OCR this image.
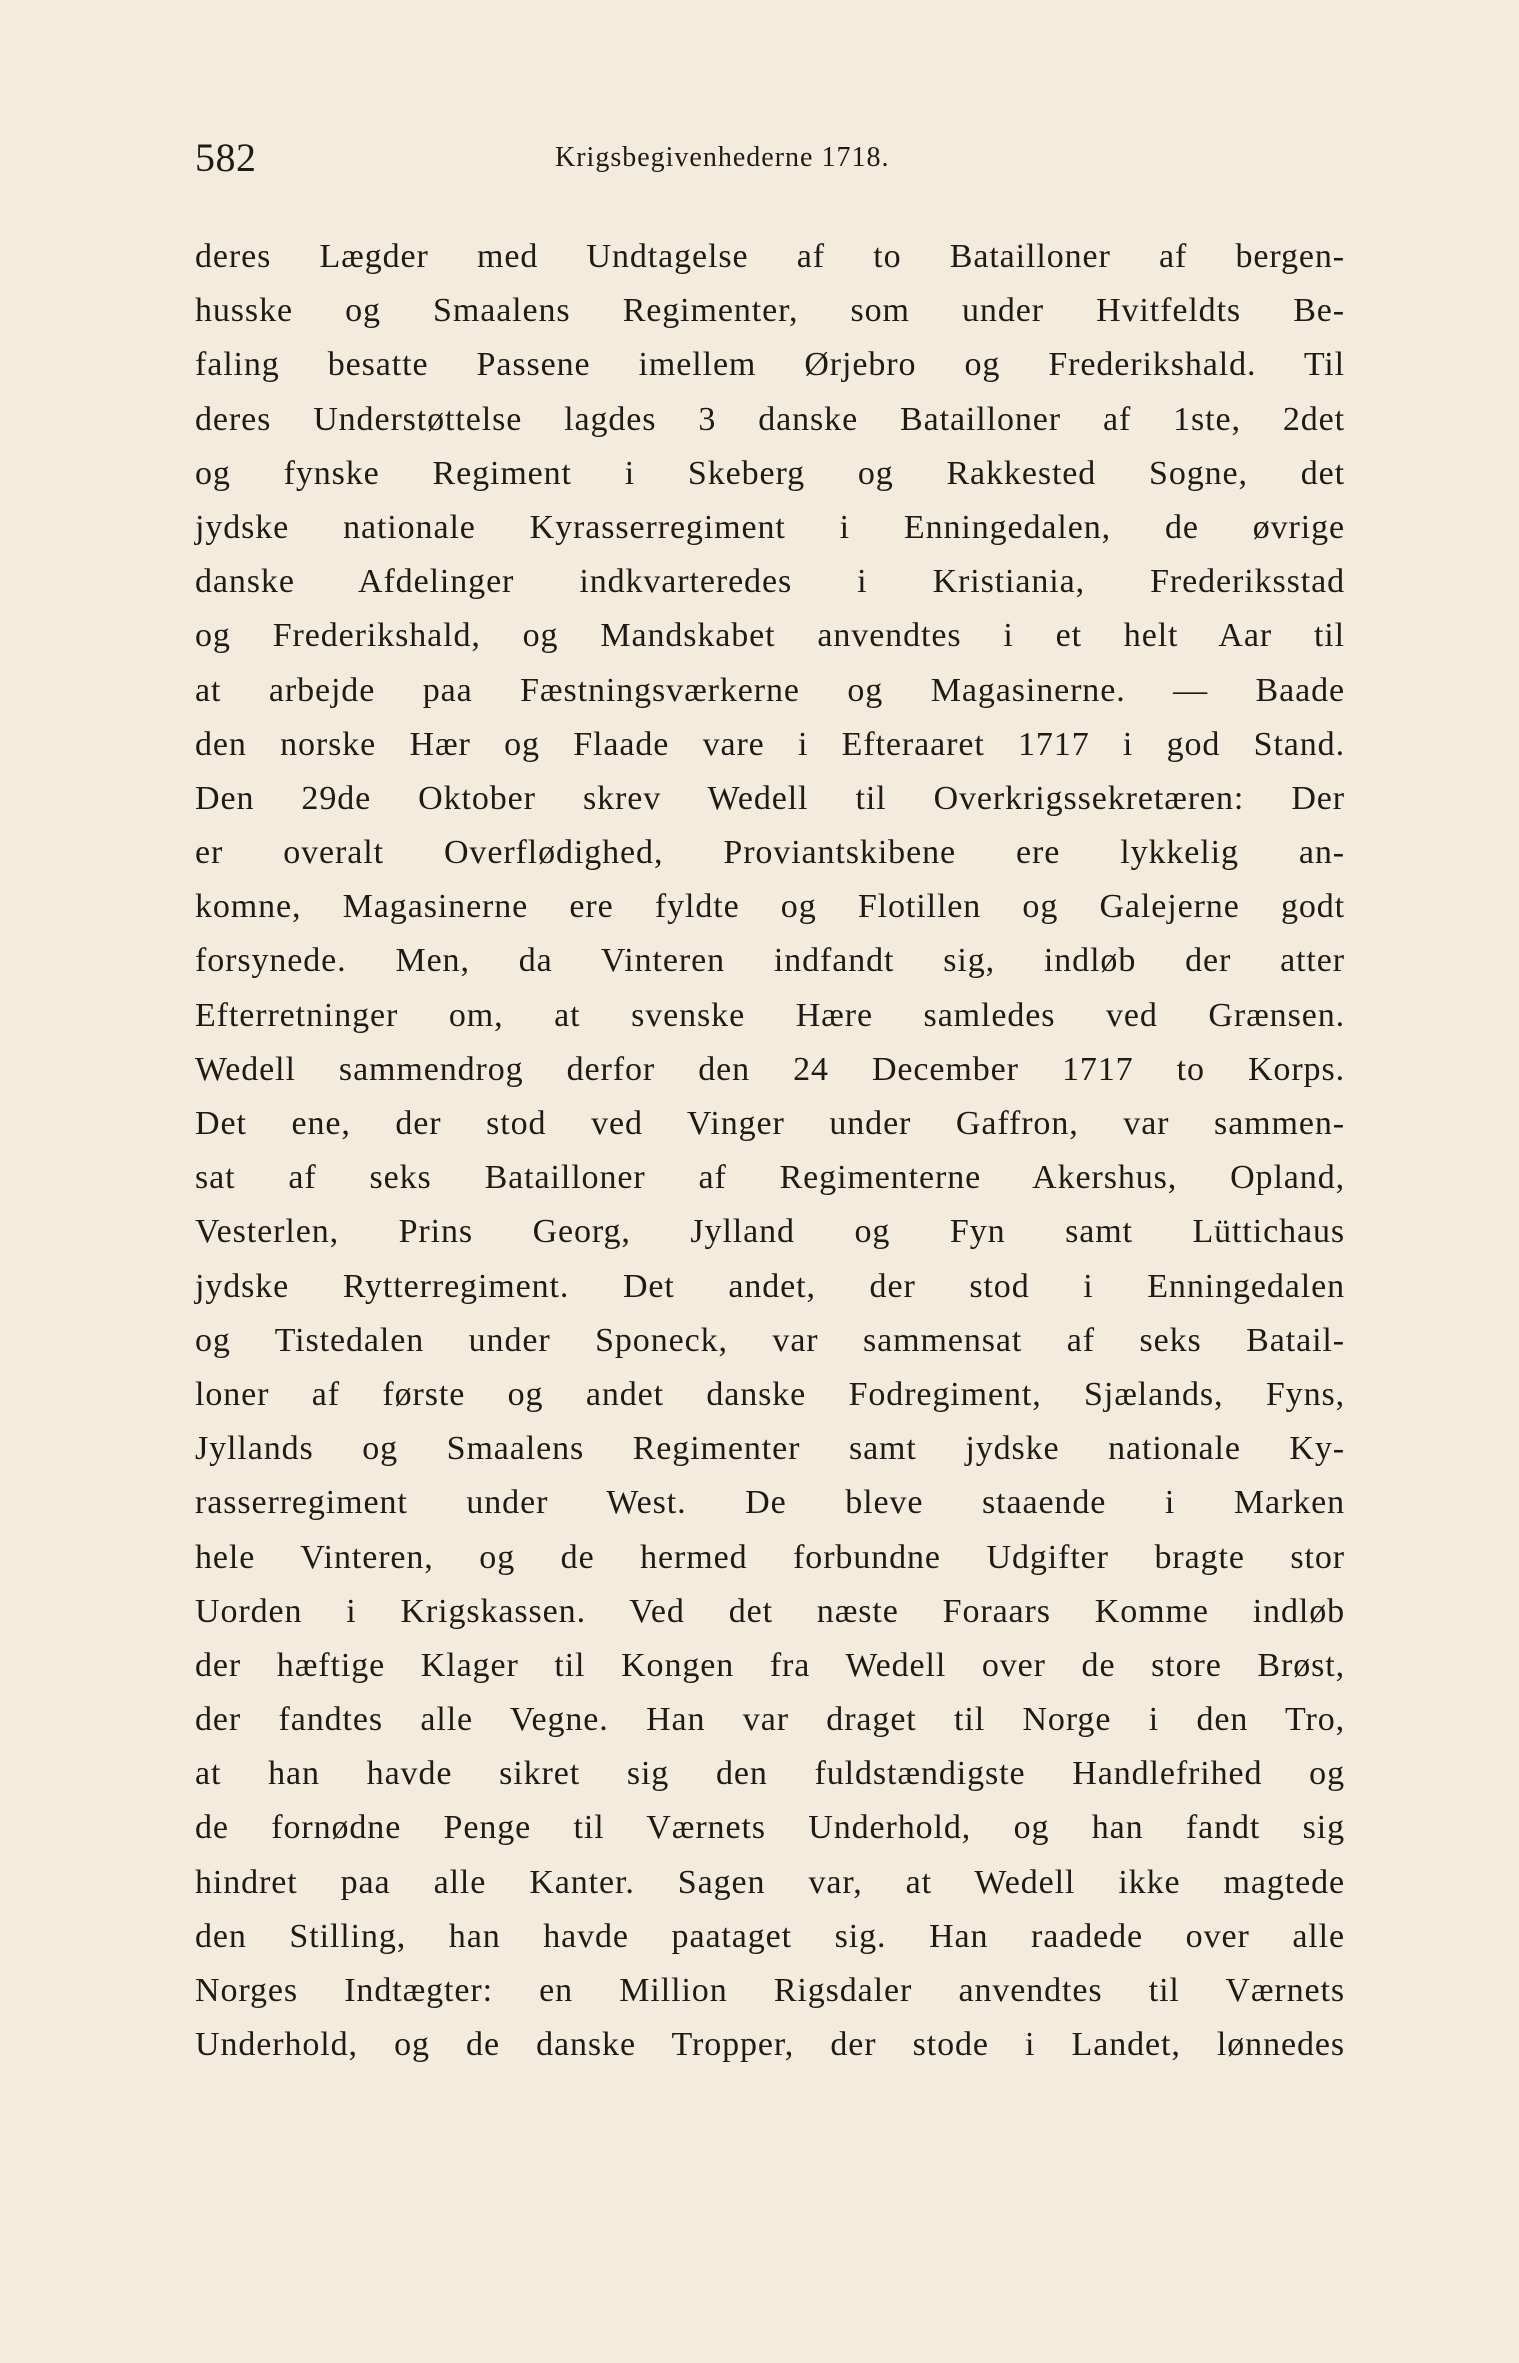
582	Krigsbegivenhederne 1718.
deres Lægder med Undtagelse af to Batailloner af bergen-
husske og Smaalens Regimenter, som under Hvitfeldts Be-
faling besatte Passene imellem Ørjebro og Frederikshald. Til
deres Understøttelse lagdes 3 danske Batailloner af 1ste, 2det
og fynske Regiment i Skeberg og Rakkested Sogne, det
jydske nationale Kyrasserregiment i Enningedalen, de øvrige
danske Afdelinger indkvarteredes i Kristiania, Frederiksstad
og Frederikshald, og Mandskabet anvendtes i et helt Aar til
at arbejde paa Fæstningsværkerne og Magasinerne. — Baade
den norske Hær og Flaade vare i Efteraaret 1717 i god Stand.
Den 29de Oktober skrev Wedell til Overkrigssekretæren: Der
er overalt Overflødighed, Proviantskibene ere lykkelig an-
komne, Magasinerne ere fyldte og Flotillen og Galejerne godt
forsynede. Men, da Vinteren indfandt sig, indløb der atter
Efterretninger om, at svenske Hære samledes ved Grænsen.
Wedell sammendrog derfor den 24 December 1717 to Korps.
Det ene, der stod ved Vinger under Gaffron, var sammen-
sat af seks Batailloner af Regimenterne Akershus, Opland,
Vesterlen, Prins Georg, Jylland og Fyn samt Lüttichaus
jydske Rytterregiment. Det andet, der stod i Enningedalen
og Tistedalen under Sponeck, var sammensat af seks Batail-
loner af første og andet danske Fodregiment, Sjælands, Fyns,
Jyllands og Smaalens Regimenter samt jydske nationale Ky-
rasserregiment under West. De bleve staaende i Marken
hele Vinteren, og de hermed forbundne Udgifter bragte stor
Uorden i Krigskassen. Ved det næste Foraars Komme indløb
der hæftige Klager til Kongen fra Wedell over de store Brøst,
der fandtes alle Vegne. Han var draget til Norge i den Tro,
at han havde sikret sig den fuldstændigste Handlefrihed og
de fornødne Penge til Værnets Underhold, og han fandt sig
hindret paa alle Kanter. Sagen var, at Wedell ikke magtede
den Stilling, han havde paataget sig. Han raadede over alle
Norges Indtægter: en Million Rigsdaler anvendtes til Værnets
Underhold, og de danske Tropper, der stode i Landet, lønnedes
